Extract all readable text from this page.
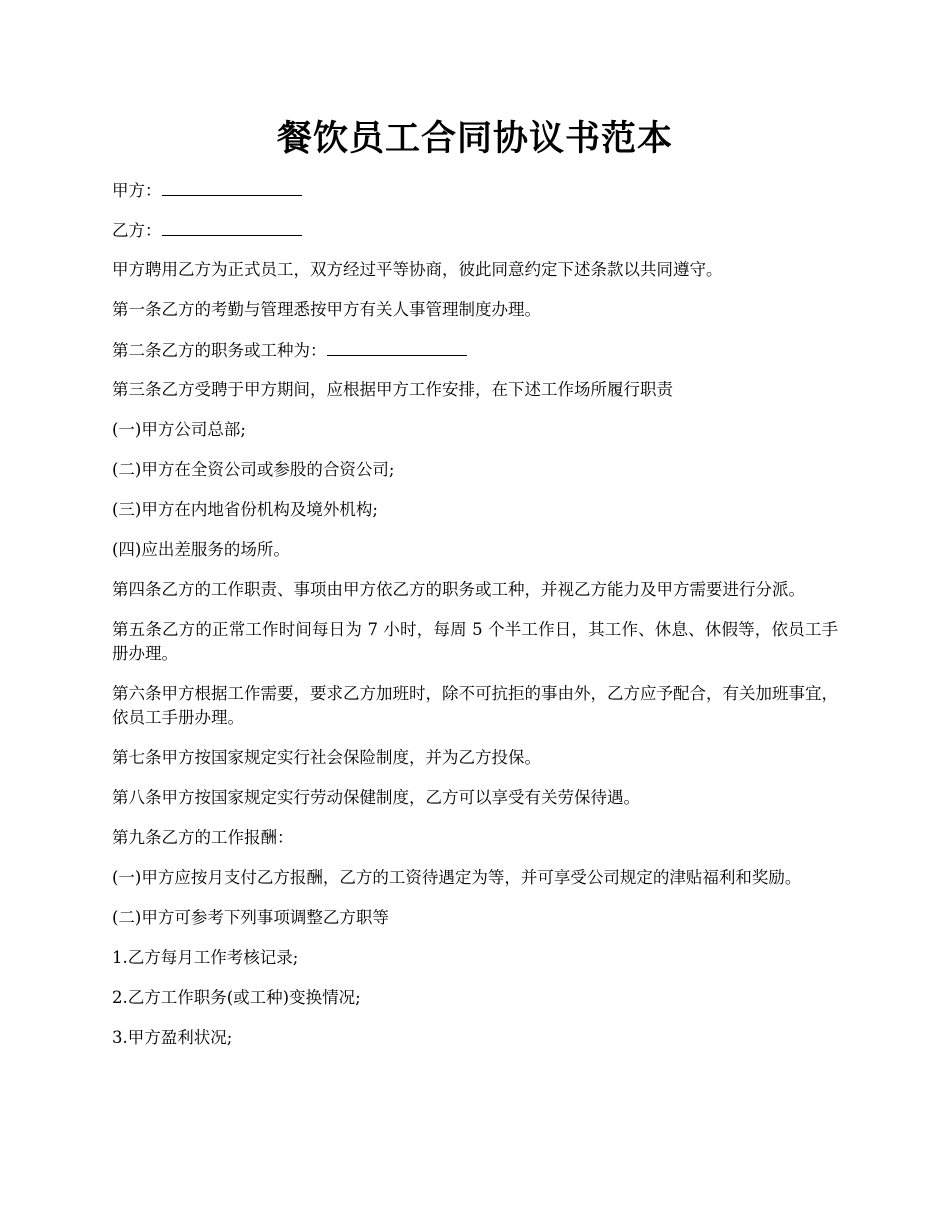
餐饮员工合同协议书范本

甲方：

乙方：

甲方聘用乙方为正式员工，双方经过平等协商，彼此同意约定下述条款以共同遵守。

第一条乙方的考勤与管理悉按甲方有关人事管理制度办理。

第二条乙方的职务或工种为：

第三条乙方受聘于甲方期间，应根据甲方工作安排，在下述工作场所履行职责

(一)甲方公司总部;

(二)甲方在全资公司或参股的合资公司;

(三)甲方在内地省份机构及境外机构;

(四)应出差服务的场所。

第四条乙方的工作职责、事项由甲方依乙方的职务或工种，并视乙方能力及甲方需要进行分派。

第五条乙方的正常工作时间每日为 7 小时，每周 5 个半工作日，其工作、休息、休假等，依员工手册办理。

第六条甲方根据工作需要，要求乙方加班时，除不可抗拒的事由外，乙方应予配合，有关加班事宜，依员工手册办理。

第七条甲方按国家规定实行社会保险制度，并为乙方投保。

第八条甲方按国家规定实行劳动保健制度，乙方可以享受有关劳保待遇。

第九条乙方的工作报酬：

(一)甲方应按月支付乙方报酬，乙方的工资待遇定为等，并可享受公司规定的津贴福利和奖励。

(二)甲方可参考下列事项调整乙方职等

1.乙方每月工作考核记录;

2.乙方工作职务(或工种)变换情况;

3.甲方盈利状况;
